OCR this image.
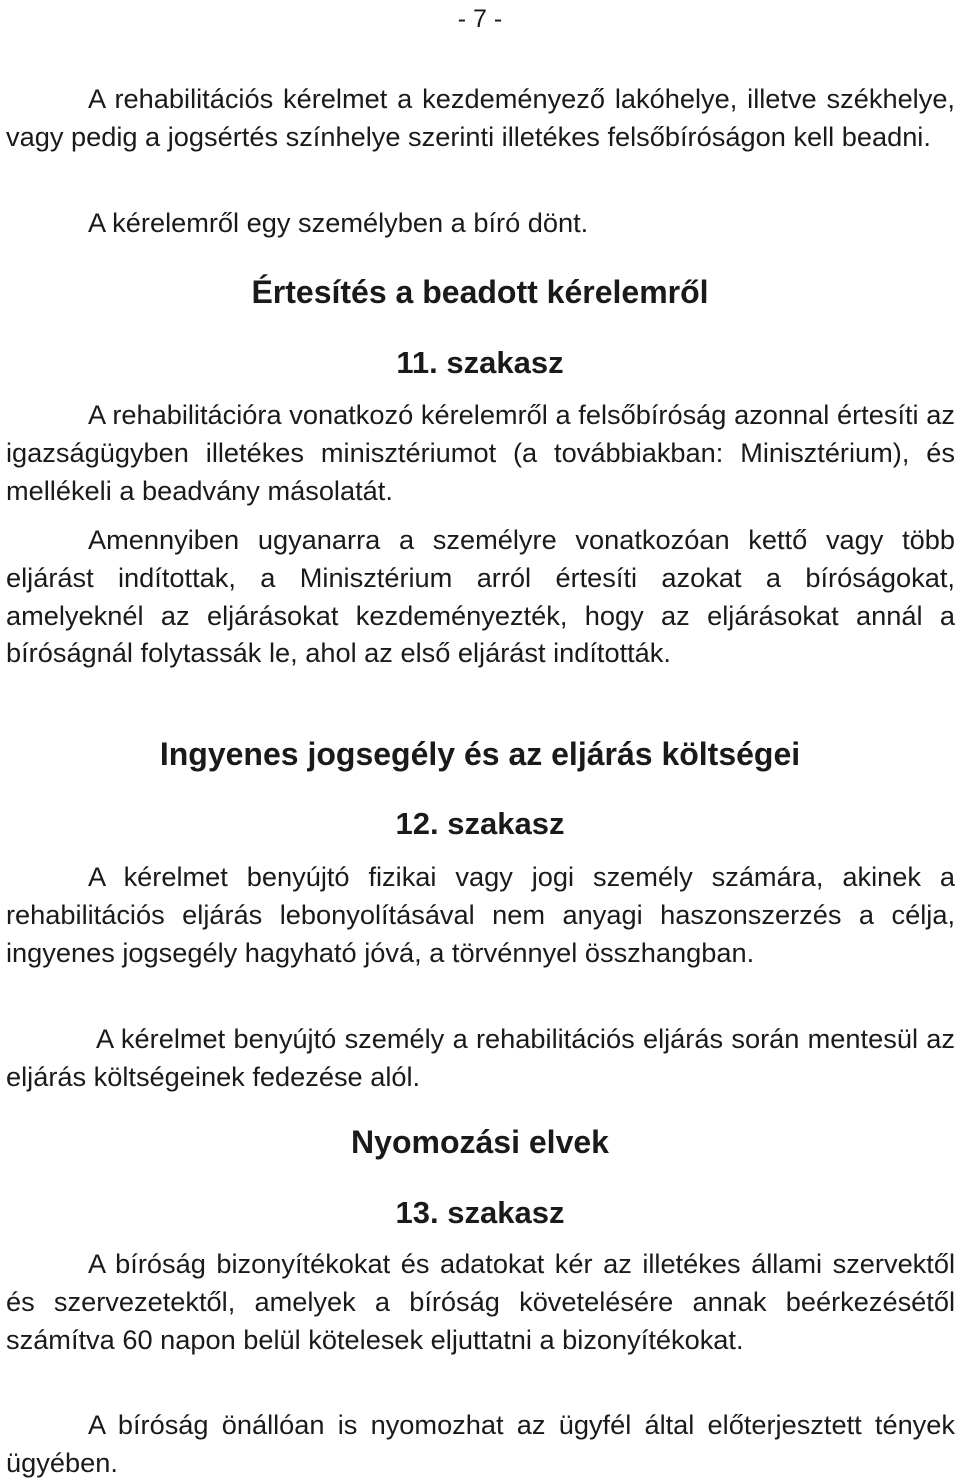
- 7 -
A rehabilitációs kérelmet a kezdeményező lakóhelye, illetve székhelye, vagy pedig a jogsértés színhelye szerinti illetékes felsőbíróságon kell beadni.
A kérelemről egy személyben a bíró dönt.
Értesítés a beadott kérelemről
11. szakasz
A rehabilitációra vonatkozó kérelemről a felsőbíróság azonnal értesíti az igazságügyben illetékes minisztériumot (a továbbiakban: Minisztérium), és mellékeli a beadvány másolatát.
Amennyiben ugyanarra a személyre vonatkozóan kettő vagy több eljárást indítottak, a Minisztérium arról értesíti azokat a bíróságokat, amelyeknél az eljárásokat kezdeményezték, hogy az eljárásokat annál a bíróságnál folytassák le, ahol az első eljárást indították.
Ingyenes jogsegély és az eljárás költségei
12. szakasz
A kérelmet benyújtó fizikai vagy jogi személy számára, akinek a rehabilitációs eljárás lebonyolításával nem anyagi haszonszerzés a célja, ingyenes jogsegély hagyható jóvá, a törvénnyel összhangban.
A kérelmet benyújtó személy a rehabilitációs eljárás során mentesül az eljárás költségeinek fedezése alól.
Nyomozási elvek
13. szakasz
A bíróság bizonyítékokat és adatokat kér az illetékes állami szervektől és szervezetektől, amelyek a bíróság követelésére annak beérkezésétől számítva 60 napon belül kötelesek eljuttatni a bizonyítékokat.
A bíróság önállóan is nyomozhat az ügyfél által előterjesztett tények ügyében.
